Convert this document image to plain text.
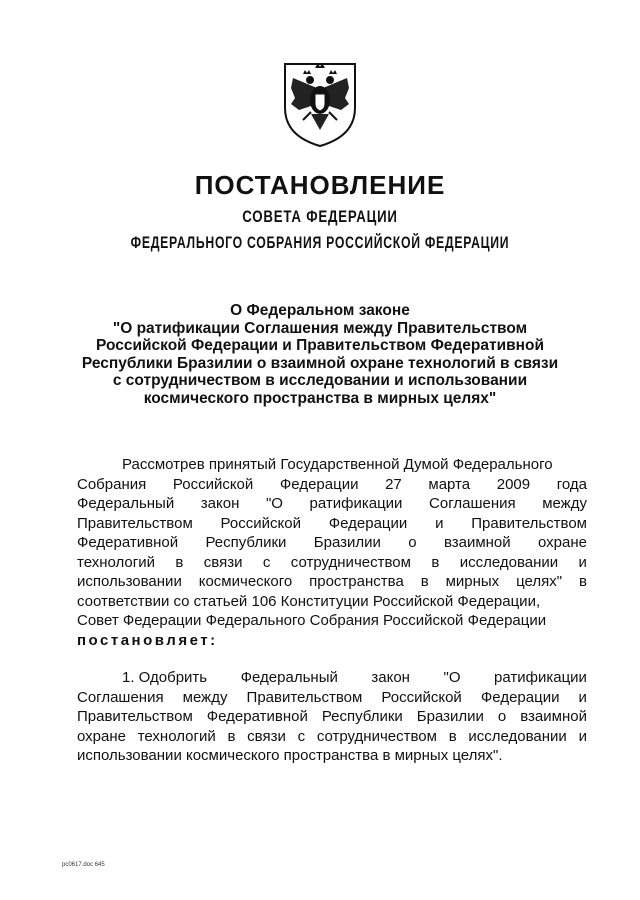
ПОСТАНОВЛЕНИЕ
СОВЕТА ФЕДЕРАЦИИ
ФЕДЕРАЛЬНОГО СОБРАНИЯ РОССИЙСКОЙ ФЕДЕРАЦИИ
О Федеральном законе
"О ратификации Соглашения между Правительством
Российской Федерации и Правительством Федеративной
Республики Бразилии о взаимной охране технологий в связи
с сотрудничеством в исследовании и использовании
космического пространства в мирных целях"
Рассмотрев принятый Государственной Думой Федерального
Собрания Российской Федерации 27 марта 2009 года
Федеральный закон "О ратификации Соглашения между
Правительством Российской Федерации и Правительством
Федеративной Республики Бразилии о взаимной охране
технологий в связи с сотрудничеством в исследовании и
использовании космического пространства в мирных целях" в
соответствии со статьей 106 Конституции Российской Федерации,
Совет Федерации Федерального Собрания Российской Федерации
постановляет:
1. Одобрить Федеральный закон "О ратификации
Соглашения между Правительством Российской Федерации и
Правительством Федеративной Республики Бразилии о взаимной
охране технологий в связи с сотрудничеством в исследовании и
использовании космического пространства в мирных целях".
pc0617.doc 645
